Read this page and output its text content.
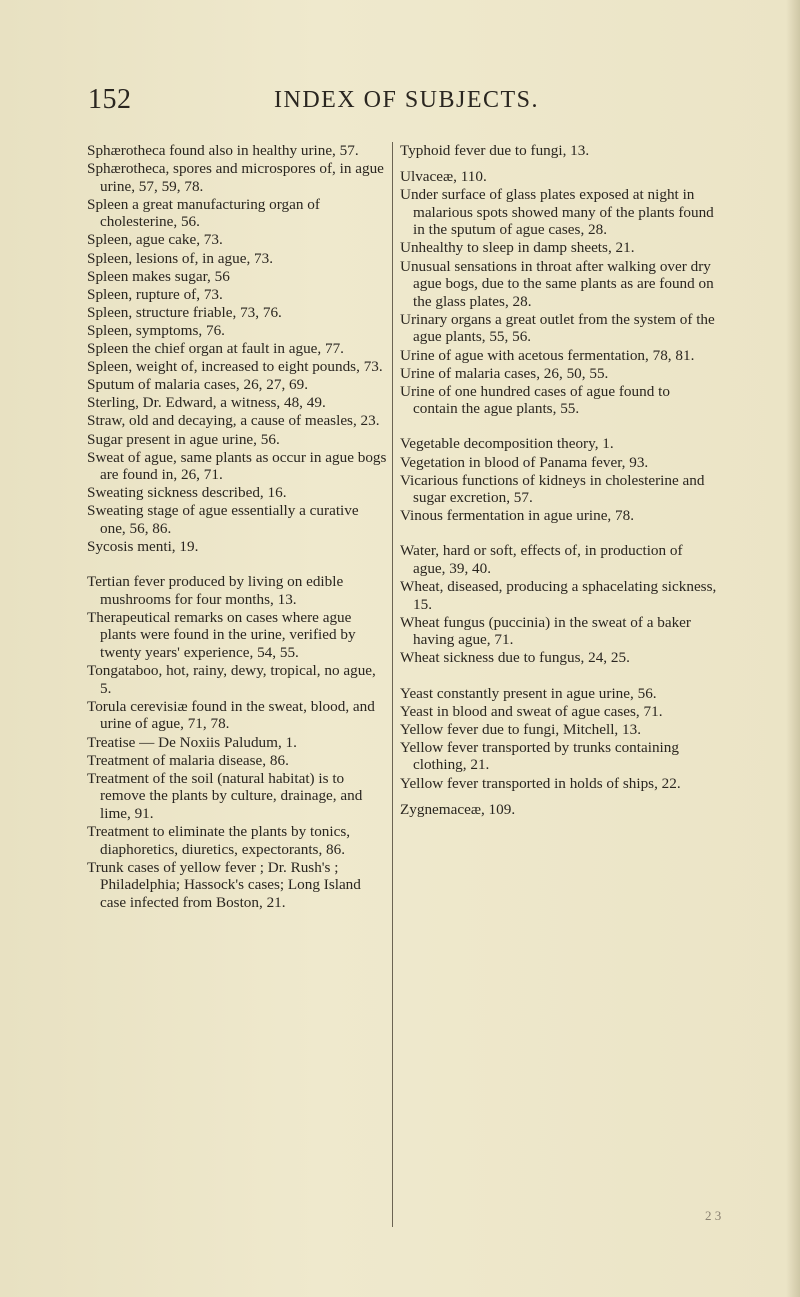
152	INDEX OF SUBJECTS.
Sphærotheca found also in healthy urine, 57.
Sphærotheca, spores and microspores of, in ague urine, 57, 59, 78.
Spleen a great manufacturing organ of cholesterine, 56.
Spleen, ague cake, 73.
Spleen, lesions of, in ague, 73.
Spleen makes sugar, 56
Spleen, rupture of, 73.
Spleen, structure friable, 73, 76.
Spleen, symptoms, 76.
Spleen the chief organ at fault in ague, 77.
Spleen, weight of, increased to eight pounds, 73.
Sputum of malaria cases, 26, 27, 69.
Sterling, Dr. Edward, a witness, 48, 49.
Straw, old and decaying, a cause of measles, 23.
Sugar present in ague urine, 56.
Sweat of ague, same plants as occur in ague bogs are found in, 26, 71.
Sweating sickness described, 16.
Sweating stage of ague essentially a curative one, 56, 86.
Sycosis menti, 19.
Tertian fever produced by living on edible mushrooms for four months, 13.
Therapeutical remarks on cases where ague plants were found in the urine, verified by twenty years' experience, 54, 55.
Tongataboo, hot, rainy, dewy, tropical, no ague, 5.
Torula cerevisiæ found in the sweat, blood, and urine of ague, 71, 78.
Treatise — De Noxiis Paludum, 1.
Treatment of malaria disease, 86.
Treatment of the soil (natural habitat) is to remove the plants by culture, drainage, and lime, 91.
Treatment to eliminate the plants by tonics, diaphoretics, diuretics, expectorants, 86.
Trunk cases of yellow fever ; Dr. Rush's ; Philadelphia; Hassock's cases; Long Island case infected from Boston, 21.
Typhoid fever due to fungi, 13.
Ulvaceæ, 110.
Under surface of glass plates exposed at night in malarious spots showed many of the plants found in the sputum of ague cases, 28.
Unhealthy to sleep in damp sheets, 21.
Unusual sensations in throat after walking over dry ague bogs, due to the same plants as are found on the glass plates, 28.
Urinary organs a great outlet from the system of the ague plants, 55, 56.
Urine of ague with acetous fermentation, 78, 81.
Urine of malaria cases, 26, 50, 55.
Urine of one hundred cases of ague found to contain the ague plants, 55.
Vegetable decomposition theory, 1.
Vegetation in blood of Panama fever, 93.
Vicarious functions of kidneys in cholesterine and sugar excretion, 57.
Vinous fermentation in ague urine, 78.
Water, hard or soft, effects of, in production of ague, 39, 40.
Wheat, diseased, producing a sphacelating sickness, 15.
Wheat fungus (puccinia) in the sweat of a baker having ague, 71.
Wheat sickness due to fungus, 24, 25.
Yeast constantly present in ague urine, 56.
Yeast in blood and sweat of ague cases, 71.
Yellow fever due to fungi, Mitchell, 13.
Yellow fever transported by trunks containing clothing, 21.
Yellow fever transported in holds of ships, 22.
Zygnemaceæ, 109.
2 3
